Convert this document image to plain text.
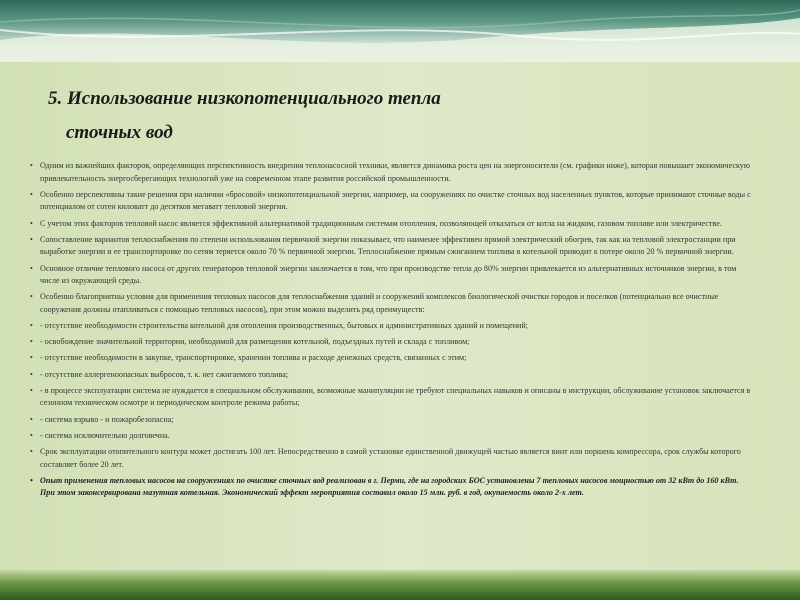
5. Использование низкопотенциального тепла
сточных вод
• Одним из важнейших факторов, определяющих перспективность внедрения теплонасосной техники, является динамика роста цен на энергоносители (см. графики ниже), которая повышает экономическую привлекательность энергосберегающих технологий уже на современном этапе развития российской промышленности.
• Особенно перспективны такие решения при наличии «бросовой» низкопотенциальной энергии, например, на сооружениях по очистке сточных вод населенных пунктов, которые принимают сточные воды с потенциалом от сотен киловатт до десятков мегаватт тепловой энергии.
• С учетом этих факторов тепловой насос является эффективной альтернативой традиционным системам отопления, позволяющей отказаться от котла на жидком, газовом топливе или электричестве.
• Сопоставление вариантов теплоснабжения по степени использования первичной энергии показывает, что наименее эффективен прямой электрический обогрев, так как на тепловой электростанции при выработке энергии и ее транспортировке по сетям теряется около 70 % первичной энергии. Теплоснабжение прямым сжиганием топлива в котельной приводит к потере около 20 % первичной энергии.
• Основное отличие теплового насоса от других генераторов тепловой энергии заключается в том, что при производстве тепла до 80% энергии привлекается из альтернативных источников энергии, в том числе из окружающей среды.
• Особенно благоприятны условия для применения тепловых насосов для теплоснабжения зданий и сооружений комплексов биологической очистки городов и поселков (потенциально все очистные сооружения должны отапливаться с помощью тепловых насосов), при этом можно выделить ряд преимуществ:
• - отсутствие необходимости строительства котельной для отопления производственных, бытовых и административных зданий и помещений;
• - освобождение значительной территории, необходимой для размещения котельной, подъездных путей и склада с топливом;
• - отсутствие необходимости в закупке, транспортировке, хранении топлива и расходе денежных средств, связанных с этим;
• - отсутствие аллергеноопасных выбросов, т. к. нет сжигаемого топлива;
• - в процессе эксплуатации система не нуждается в специальном обслуживании, возможные манипуляции не требуют специальных навыков и описаны в инструкции, обслуживание установок заключается в сезонном техническом осмотре и периодическом контроле режима работы;
• - система взрыво - и пожаробезопасна;
• - система исключительно долговечна.
• Срок эксплуатации отопительного контура может достигать 100 лет. Непосредственно в самой установке единственной движущей частью является винт или поршень компрессора, срок службы которого составляет более 20 лет.
• Опыт применения тепловых насосов на сооружениях по очистке сточных вод реализован в г. Перми, где на городских БОС установлены 7 тепловых насосов мощностью от 32 кВт до 160 кВт. При этом законсервирована мазутная котельная. Экономический эффект мероприятия составил около 15 млн. руб. в год, окупаемость около 2-х лет.
